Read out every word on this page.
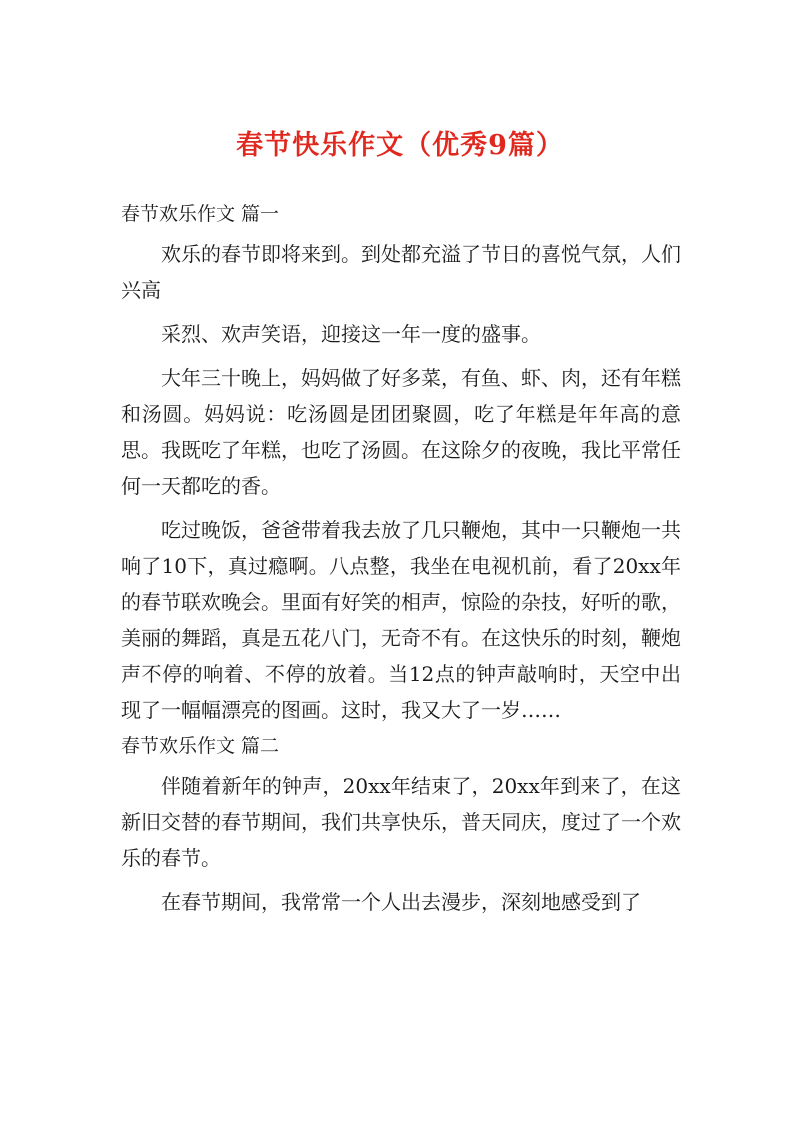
春节快乐作文（优秀9篇）

春节欢乐作文 篇一

欢乐的春节即将来到。到处都充溢了节日的喜悦气氛，人们兴高

采烈、欢声笑语，迎接这一年一度的盛事。

大年三十晚上，妈妈做了好多菜，有鱼、虾、肉，还有年糕和汤圆。妈妈说：吃汤圆是团团聚圆，吃了年糕是年年高的意思。我既吃了年糕，也吃了汤圆。在这除夕的夜晚，我比平常任何一天都吃的香。

吃过晚饭，爸爸带着我去放了几只鞭炮，其中一只鞭炮一共响了10下，真过瘾啊。八点整，我坐在电视机前，看了20xx年的春节联欢晚会。里面有好笑的相声，惊险的杂技，好听的歌，美丽的舞蹈，真是五花八门，无奇不有。在这快乐的时刻，鞭炮声不停的响着、不停的放着。当12点的钟声敲响时，天空中出现了一幅幅漂亮的图画。这时，我又大了一岁……

春节欢乐作文 篇二

伴随着新年的钟声，20xx年结束了，20xx年到来了，在这新旧交替的春节期间，我们共享快乐，普天同庆，度过了一个欢乐的春节。

在春节期间，我常常一个人出去漫步，深刻地感受到了
